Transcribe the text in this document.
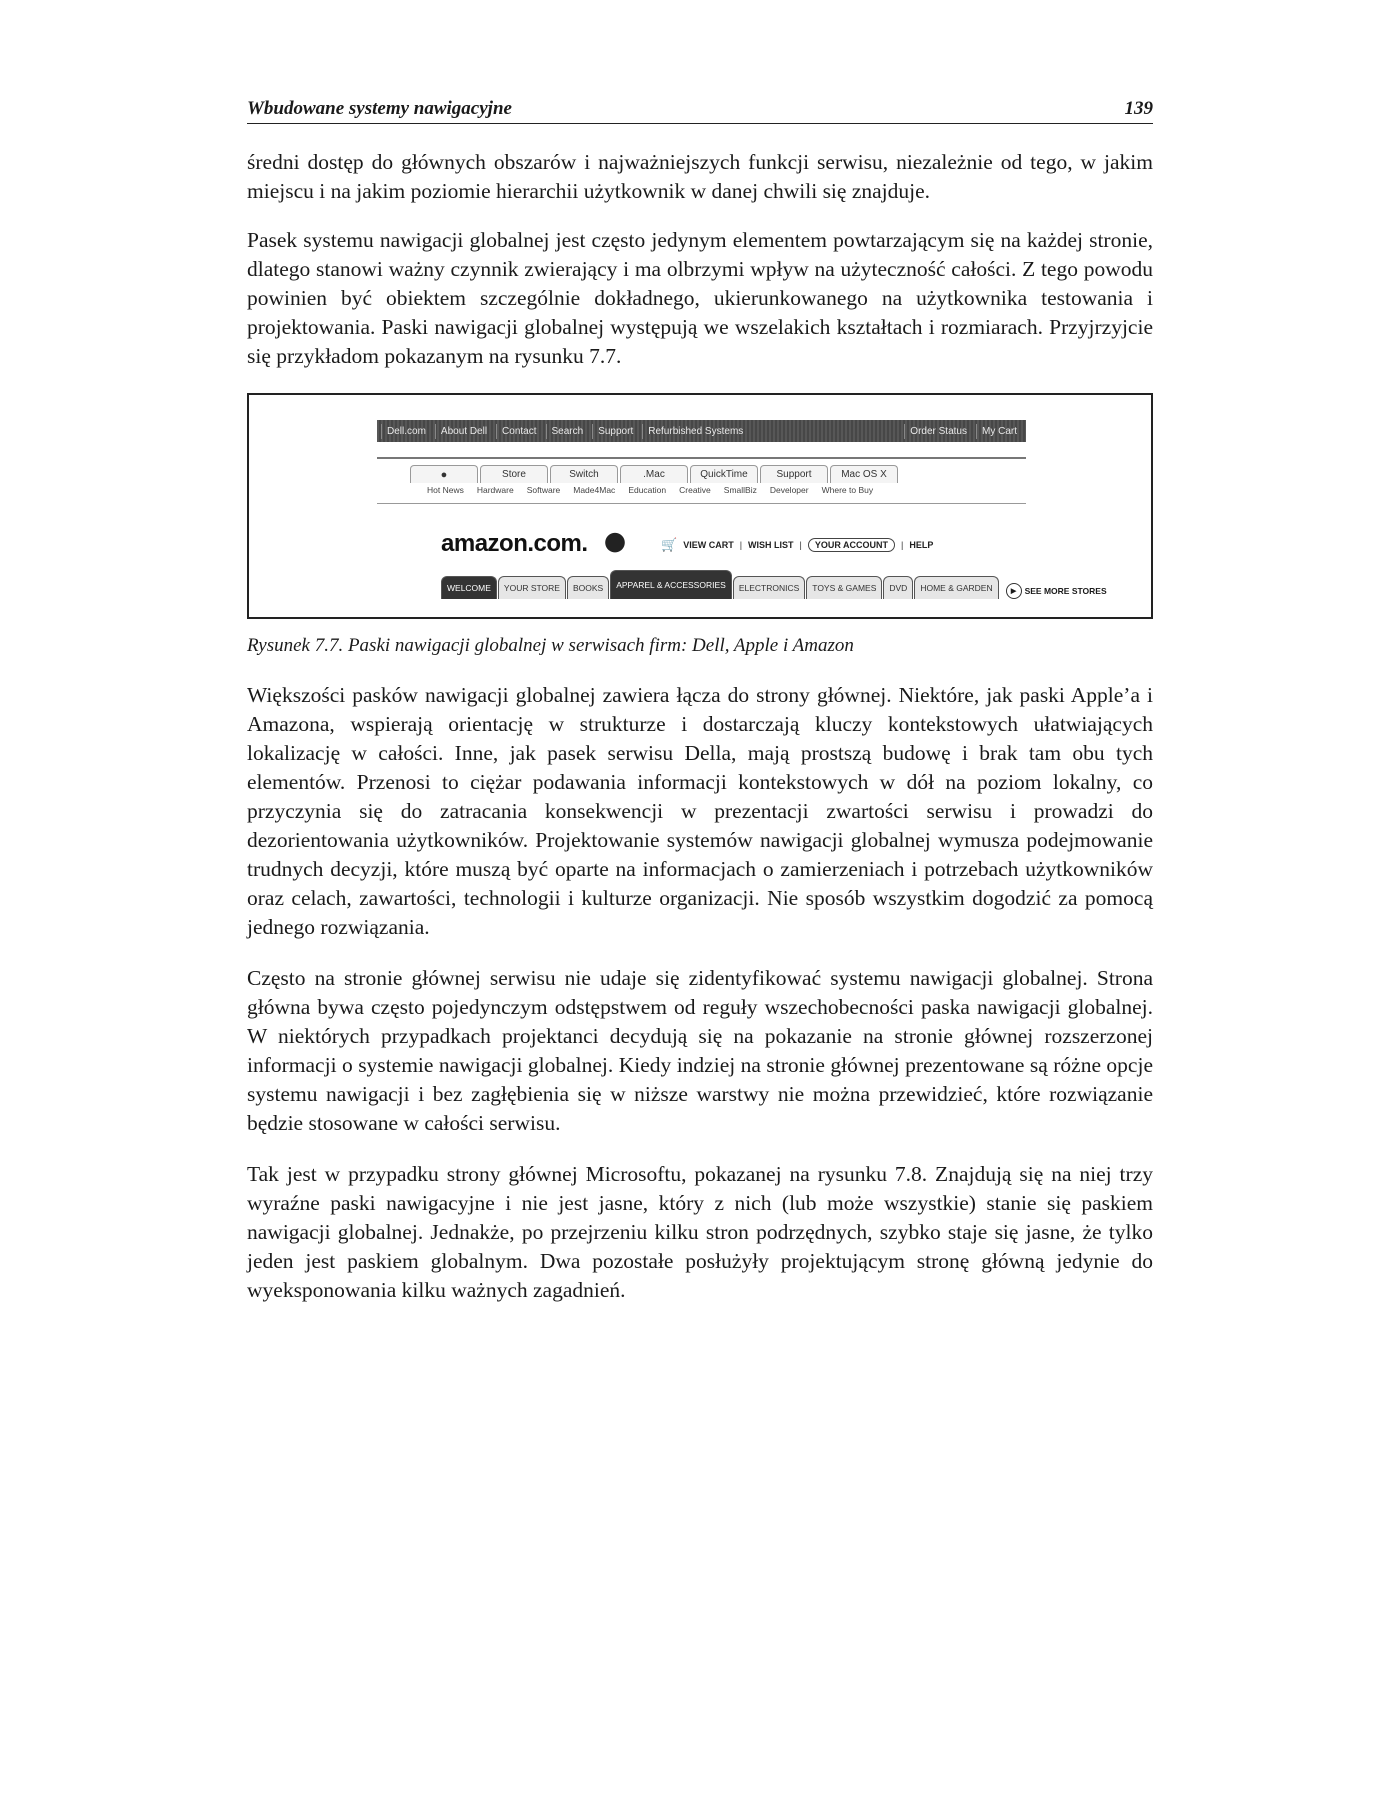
Wbudowane systemy nawigacyjne	139

średni dostęp do głównych obszarów i najważniejszych funkcji serwisu, niezależnie od tego, w jakim miejscu i na jakim poziomie hierarchii użytkownik w danej chwili się znajduje.

Pasek systemu nawigacji globalnej jest często jedynym elementem powtarzającym się na każdej stronie, dlatego stanowi ważny czynnik zwierający i ma olbrzymi wpływ na użyteczność całości. Z tego powodu powinien być obiektem szczególnie dokładnego, ukierunkowanego na użytkownika testowania i projektowania. Paski nawigacji globalnej występują we wszelakich kształtach i rozmiarach. Przyjrzyjcie się przykładom pokazanym na rysunku 7.7.

Dell.com	About Dell	Contact	Search	Support	Refurbished Systems	Order Status	My Cart
●	Store	Switch	.Mac	QuickTime	Support	Mac OS X
Hot News Hardware Software Made4Mac Education Creative SmallBiz Developer Where to Buy
amazon.com.	🛒 VIEW CART | WISH LIST |	YOUR ACCOUNT	| HELP
WELCOME	YOUR STORE	BOOKS	APPAREL & ACCESSORIES	ELECTRONICS	TOYS & GAMES	DVD	HOME & GARDEN	▶ SEE MORE STORES
Rysunek 7.7. Paski nawigacji globalnej w serwisach firm: Dell, Apple i Amazon

Większości pasków nawigacji globalnej zawiera łącza do strony głównej. Niektóre, jak paski Apple’a i Amazona, wspierają orientację w strukturze i dostarczają kluczy kontekstowych ułatwiających lokalizację w całości. Inne, jak pasek serwisu Della, mają prostszą budowę i brak tam obu tych elementów. Przenosi to ciężar podawania informacji kontekstowych w dół na poziom lokalny, co przyczynia się do zatracania konsekwencji w prezentacji zwartości serwisu i prowadzi do dezorientowania użytkowników. Projektowanie systemów nawigacji globalnej wymusza podejmowanie trudnych decyzji, które muszą być oparte na informacjach o zamierzeniach i potrzebach użytkowników oraz celach, zawartości, technologii i kulturze organizacji. Nie sposób wszystkim dogodzić za pomocą jednego rozwiązania.

Często na stronie głównej serwisu nie udaje się zidentyfikować systemu nawigacji globalnej. Strona główna bywa często pojedynczym odstępstwem od reguły wszechobecności paska nawigacji globalnej. W niektórych przypadkach projektanci decydują się na pokazanie na stronie głównej rozszerzonej informacji o systemie nawigacji globalnej. Kiedy indziej na stronie głównej prezentowane są różne opcje systemu nawigacji i bez zagłębienia się w niższe warstwy nie można przewidzieć, które rozwiązanie będzie stosowane w całości serwisu.

Tak jest w przypadku strony głównej Microsoftu, pokazanej na rysunku 7.8. Znajdują się na niej trzy wyraźne paski nawigacyjne i nie jest jasne, który z nich (lub może wszystkie) stanie się paskiem nawigacji globalnej. Jednakże, po przejrzeniu kilku stron podrzędnych, szybko staje się jasne, że tylko jeden jest paskiem globalnym. Dwa pozostałe posłużyły projektującym stronę główną jedynie do wyeksponowania kilku ważnych zagadnień.
